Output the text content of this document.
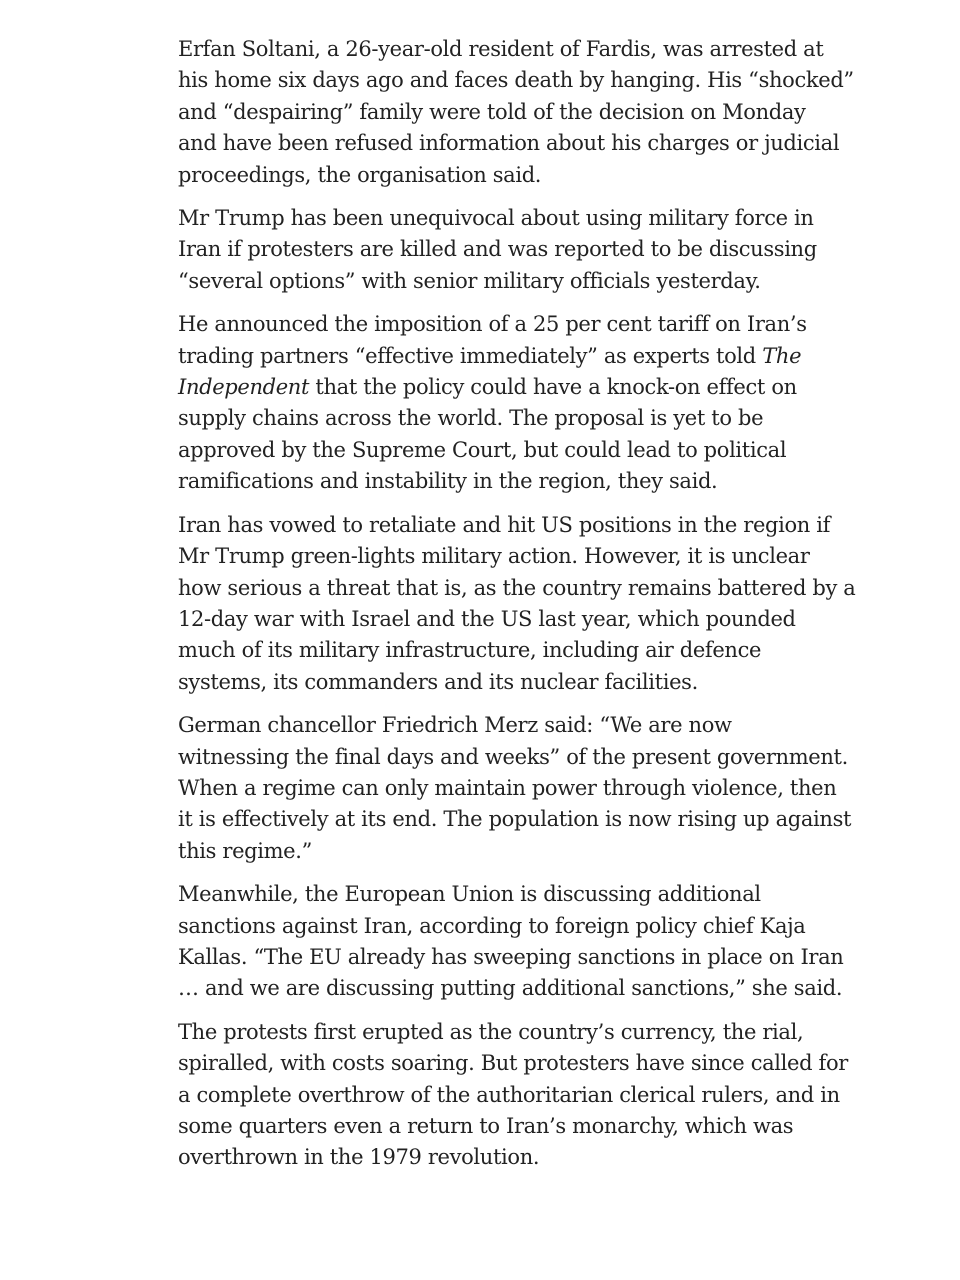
Erfan Soltani, a 26-year-old resident of Fardis, was arrested at
his home six days ago and faces death by hanging. His “shocked”
and “despairing” family were told of the decision on Monday
and have been refused information about his charges or judicial
proceedings, the organisation said.

Mr Trump has been unequivocal about using military force in
Iran if protesters are killed and was reported to be discussing
“several options” with senior military officials yesterday.

He announced the imposition of a 25 per cent tariff on Iran’s
trading partners “effective immediately” as experts told The
Independent that the policy could have a knock-on effect on
supply chains across the world. The proposal is yet to be
approved by the Supreme Court, but could lead to political
ramifications and instability in the region, they said.

Iran has vowed to retaliate and hit US positions in the region if
Mr Trump green-lights military action. However, it is unclear
how serious a threat that is, as the country remains battered by a
12-day war with Israel and the US last year, which pounded
much of its military infrastructure, including air defence
systems, its commanders and its nuclear facilities.

German chancellor Friedrich Merz said: “We are now
witnessing the final days and weeks” of the present government.
When a regime can only maintain power through violence, then
it is effectively at its end. The population is now rising up against
this regime.”

Meanwhile, the European Union is discussing additional
sanctions against Iran, according to foreign policy chief Kaja
Kallas. “The EU already has sweeping sanctions in place on Iran
… and we are discussing putting additional sanctions,” she said.

The protests first erupted as the country’s currency, the rial,
spiralled, with costs soaring. But protesters have since called for
a complete overthrow of the authoritarian clerical rulers, and in
some quarters even a return to Iran’s monarchy, which was
overthrown in the 1979 revolution.
